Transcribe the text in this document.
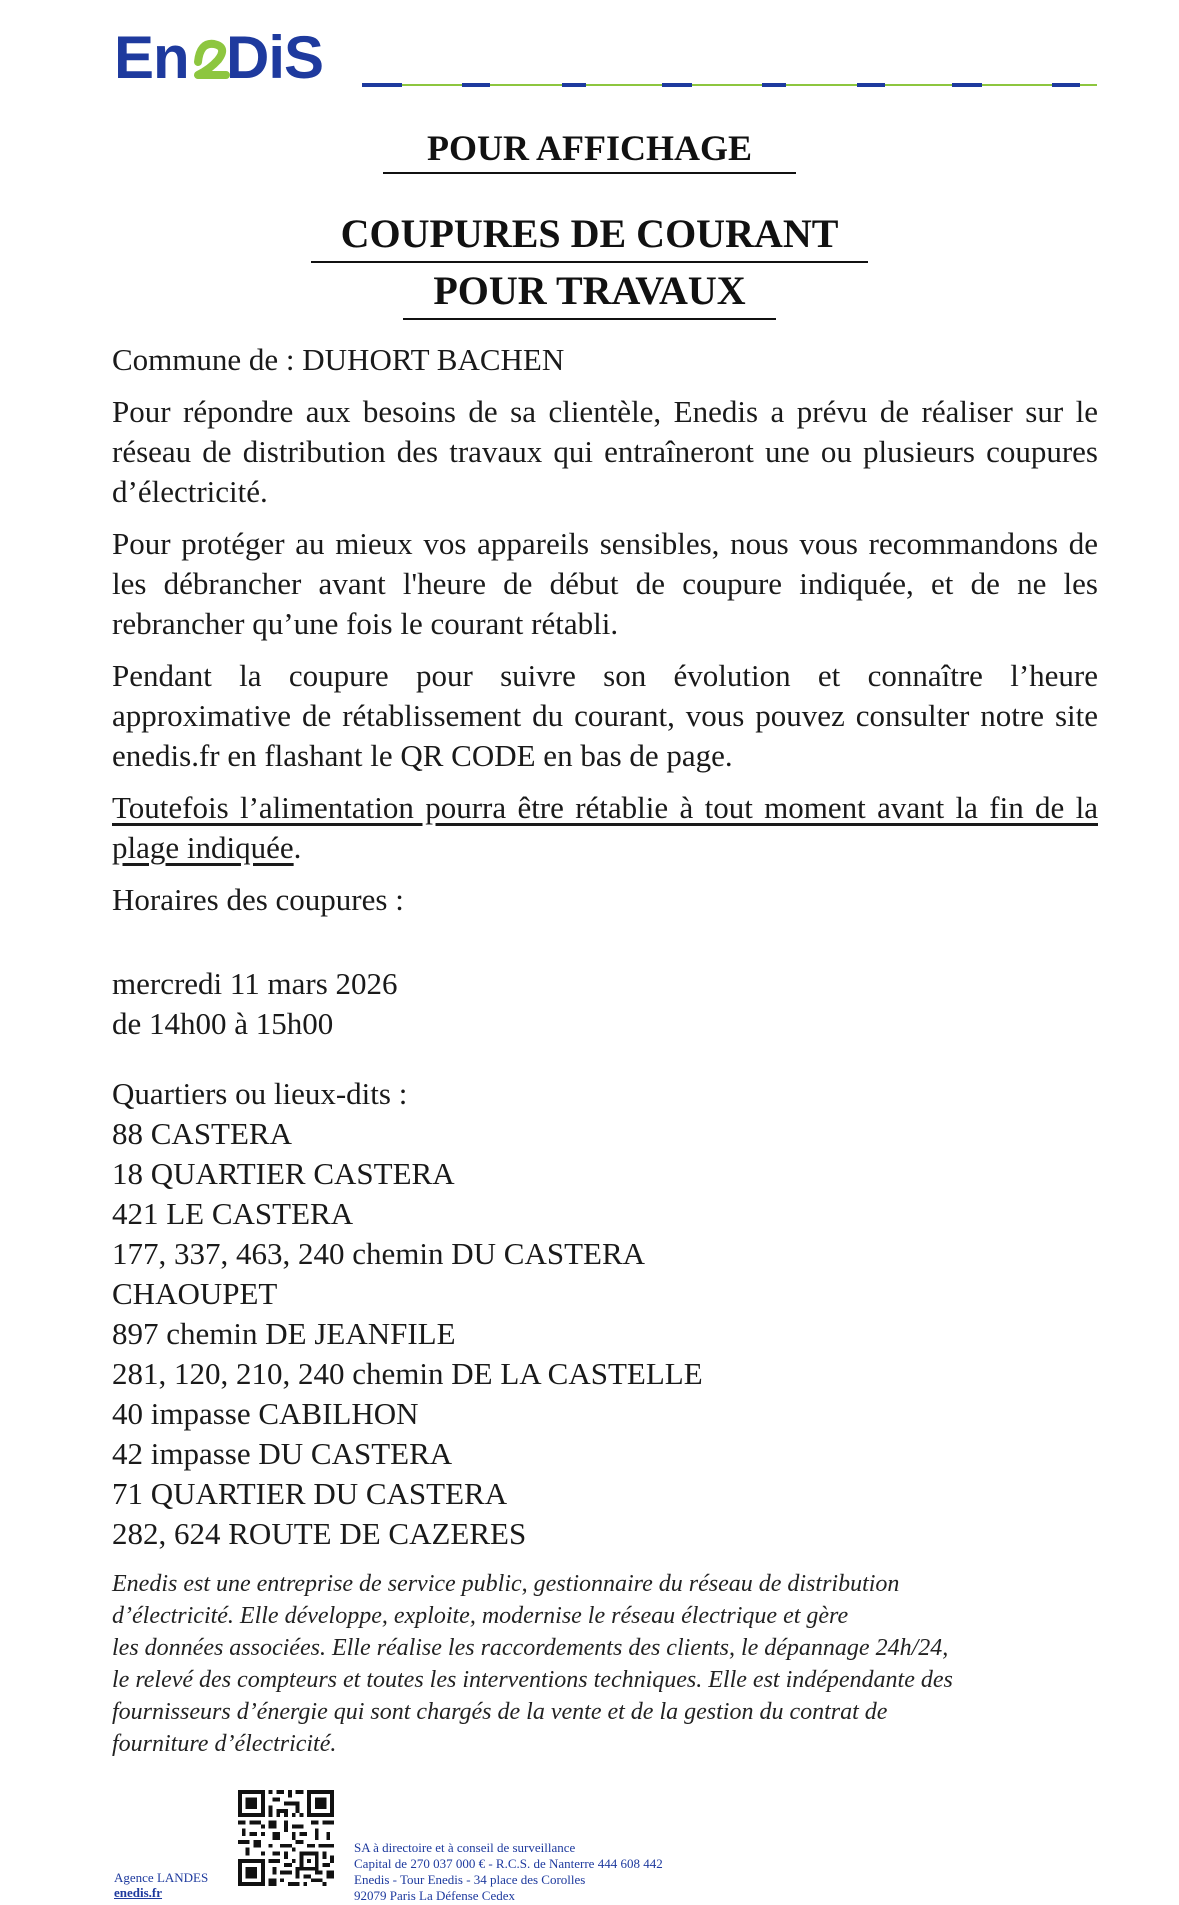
En DiS
POUR AFFICHAGE
COUPURES DE COURANT
POUR TRAVAUX

Commune de : DUHORT BACHEN

Pour répondre aux besoins de sa clientèle, Enedis a prévu de réaliser sur le réseau de distribution des travaux qui entraîneront une ou plusieurs coupures d’électricité.

Pour protéger au mieux vos appareils sensibles, nous vous recommandons de les débrancher avant l'heure de début de coupure indiquée, et de ne les rebrancher qu’une fois le courant rétabli.

Pendant la coupure pour suivre son évolution et connaître l’heure approximative de rétablissement du courant, vous pouvez consulter notre site enedis.fr en flashant le QR CODE en bas de page.

Toutefois l’alimentation pourra être rétablie à tout moment avant la fin de la plage indiquée.

Horaires des coupures :

mercredi 11 mars 2026
de 14h00 à 15h00

Quartiers ou lieux-dits :
88 CASTERA
18 QUARTIER CASTERA
421 LE CASTERA
177, 337, 463, 240 chemin DU CASTERA
CHAOUPET
897 chemin DE JEANFILE
281, 120, 210, 240 chemin DE LA CASTELLE
40 impasse CABILHON
42 impasse DU CASTERA
71 QUARTIER DU CASTERA
282, 624 ROUTE DE CAZERES
Enedis est une entreprise de service public, gestionnaire du réseau de distribution
d’électricité. Elle développe, exploite, modernise le réseau électrique et gère
les données associées. Elle réalise les raccordements des clients, le dépannage 24h/24,
le relevé des compteurs et toutes les interventions techniques. Elle est indépendante des
fournisseurs d’énergie qui sont chargés de la vente et de la gestion du contrat de
fourniture d’électricité.
Agence LANDES
enedis.fr
SA à directoire et à conseil de surveillance
Capital de 270 037 000 € - R.C.S. de Nanterre 444 608 442
Enedis - Tour Enedis - 34 place des Corolles
92079 Paris La Défense Cedex
